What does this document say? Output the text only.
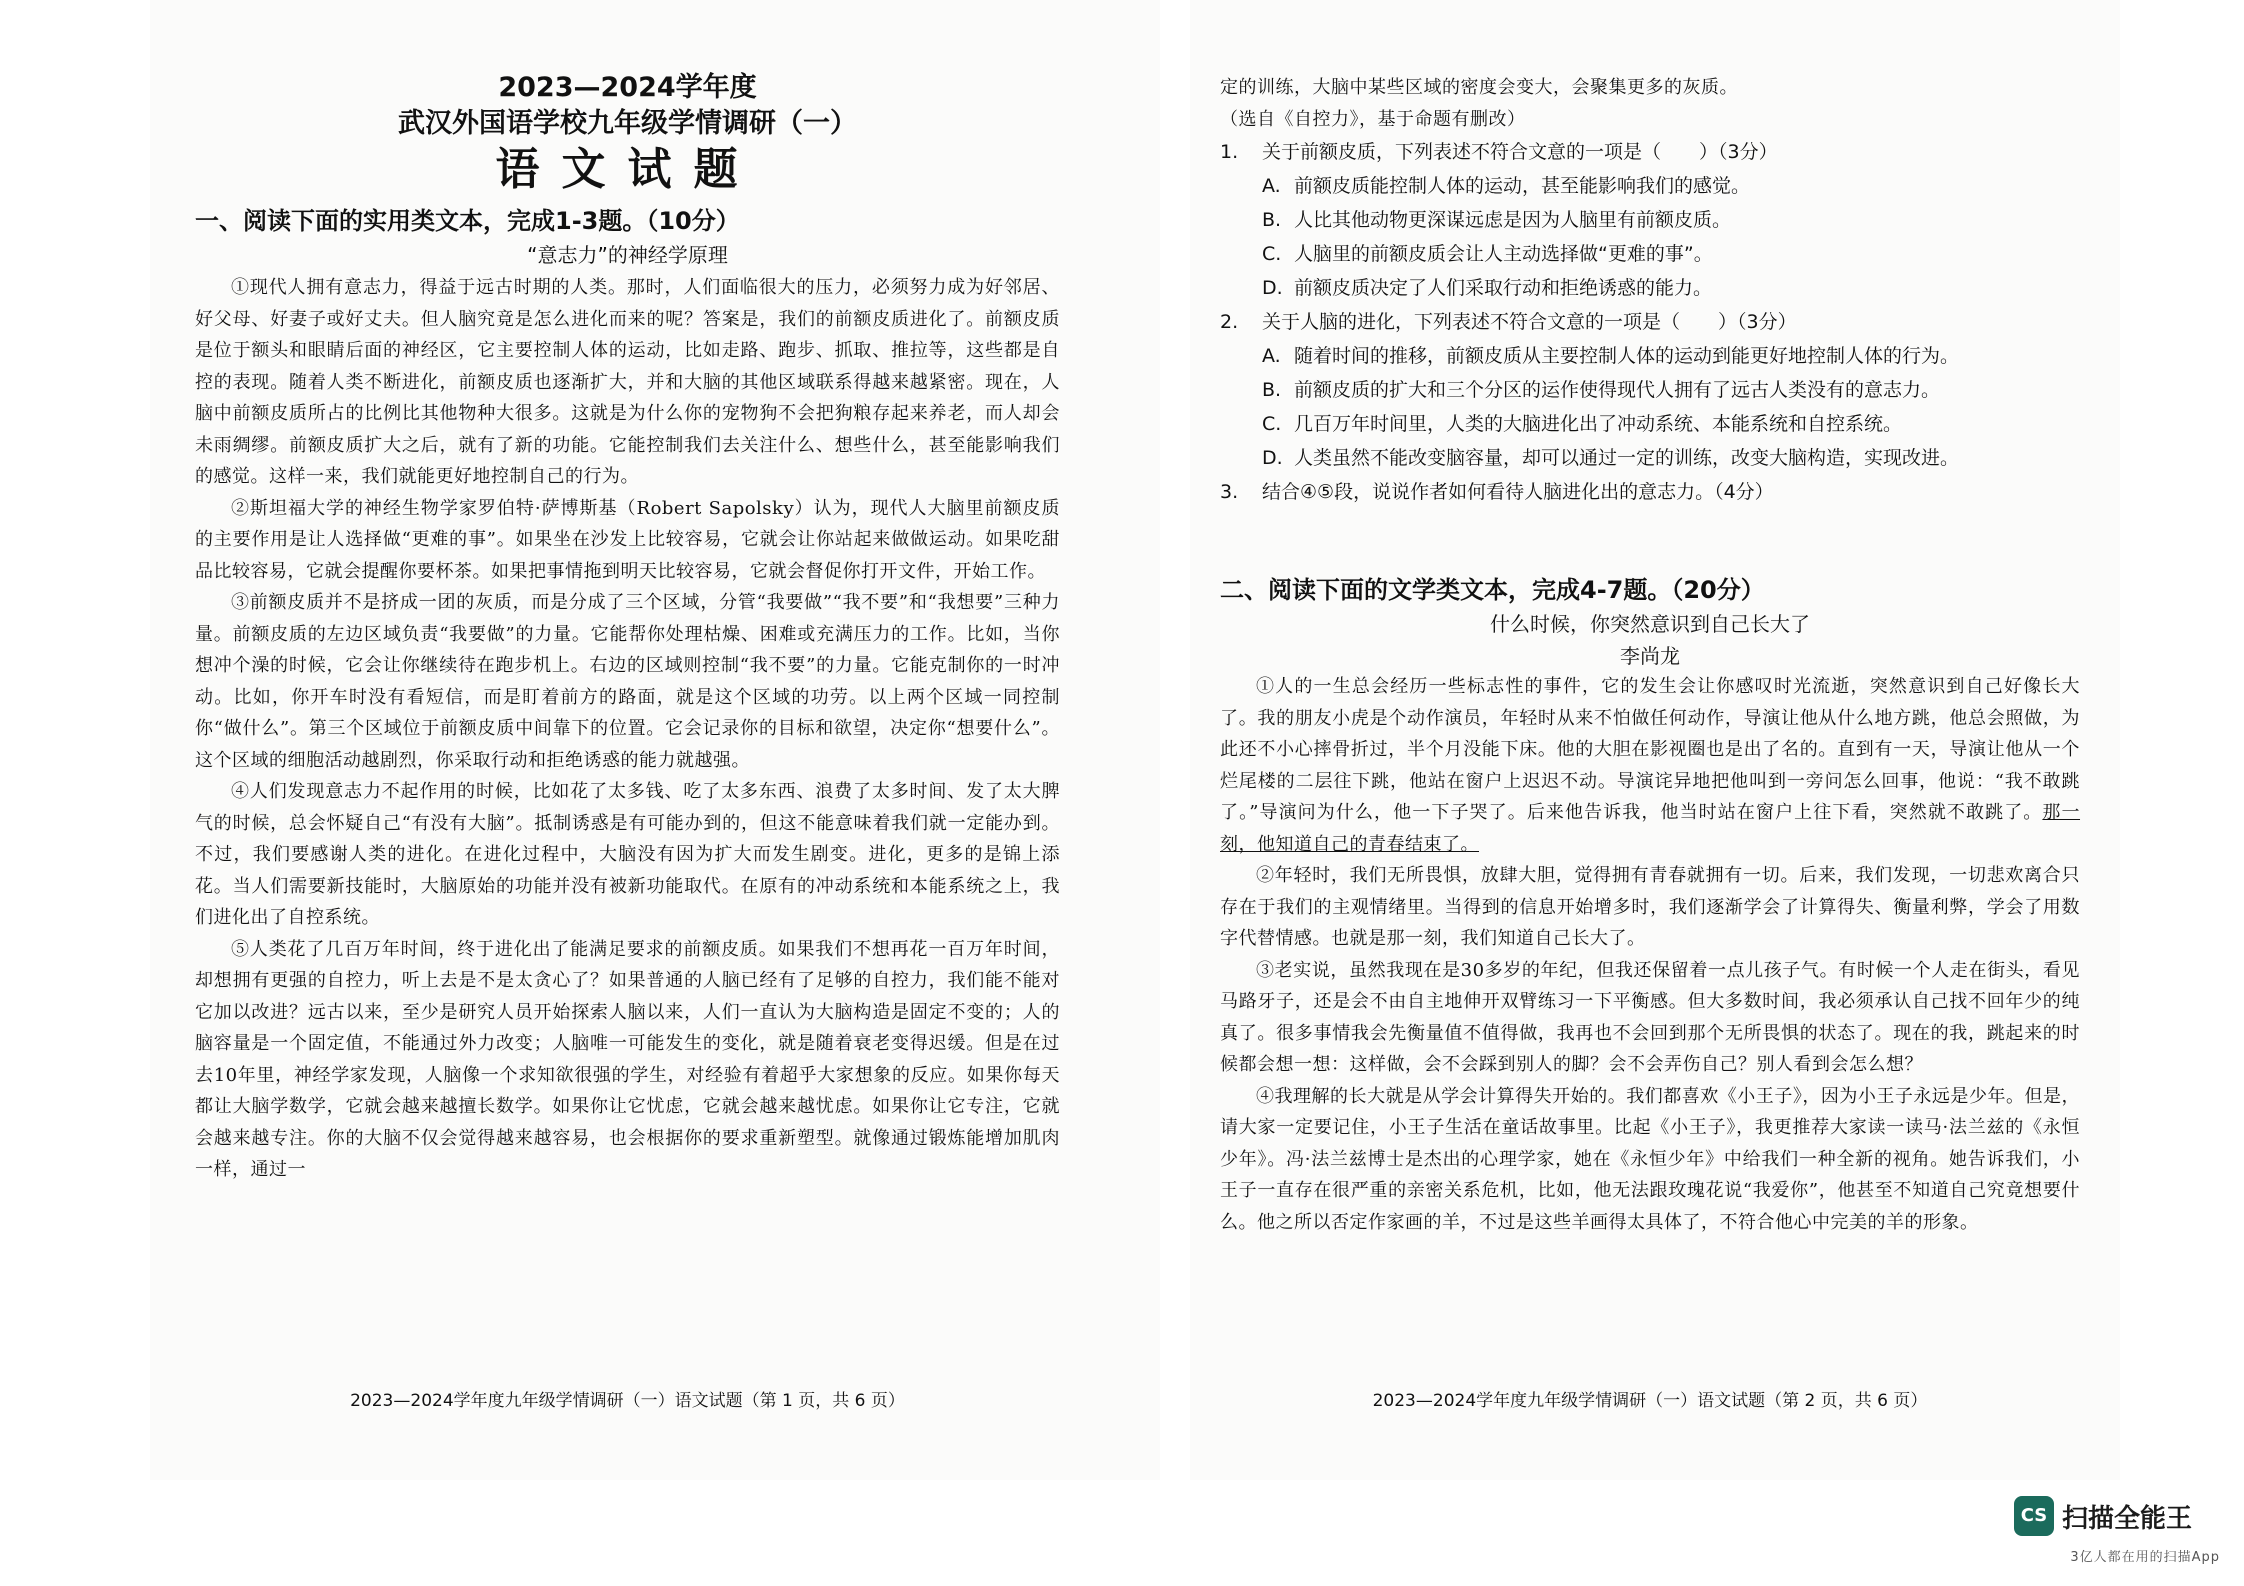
2023—2024学年度

武汉外国语学校九年级学情调研（一）

语文试题

一、阅读下面的实用类文本，完成1-3题。（10分）

“意志力”的神经学原理

①现代人拥有意志力，得益于远古时期的人类。那时，人们面临很大的压力，必须努力成为好邻居、好父母、好妻子或好丈夫。但人脑究竟是怎么进化而来的呢？答案是，我们的前额皮质进化了。前额皮质是位于额头和眼睛后面的神经区，它主要控制人体的运动，比如走路、跑步、抓取、推拉等，这些都是自控的表现。随着人类不断进化，前额皮质也逐渐扩大，并和大脑的其他区域联系得越来越紧密。现在，人脑中前额皮质所占的比例比其他物种大很多。这就是为什么你的宠物狗不会把狗粮存起来养老，而人却会未雨绸缪。前额皮质扩大之后，就有了新的功能。它能控制我们去关注什么、想些什么，甚至能影响我们的感觉。这样一来，我们就能更好地控制自己的行为。

②斯坦福大学的神经生物学家罗伯特·萨博斯基（Robert Sapolsky）认为，现代人大脑里前额皮质的主要作用是让人选择做“更难的事”。如果坐在沙发上比较容易，它就会让你站起来做做运动。如果吃甜品比较容易，它就会提醒你要杯茶。如果把事情拖到明天比较容易，它就会督促你打开文件，开始工作。

③前额皮质并不是挤成一团的灰质，而是分成了三个区域，分管“我要做”“我不要”和“我想要”三种力量。前额皮质的左边区域负责“我要做”的力量。它能帮你处理枯燥、困难或充满压力的工作。比如，当你想冲个澡的时候，它会让你继续待在跑步机上。右边的区域则控制“我不要”的力量。它能克制你的一时冲动。比如，你开车时没有看短信，而是盯着前方的路面，就是这个区域的功劳。以上两个区域一同控制你“做什么”。第三个区域位于前额皮质中间靠下的位置。它会记录你的目标和欲望，决定你“想要什么”。这个区域的细胞活动越剧烈，你采取行动和拒绝诱惑的能力就越强。

④人们发现意志力不起作用的时候，比如花了太多钱、吃了太多东西、浪费了太多时间、发了太大脾气的时候，总会怀疑自己“有没有大脑”。抵制诱惑是有可能办到的，但这不能意味着我们就一定能办到。不过，我们要感谢人类的进化。在进化过程中，大脑没有因为扩大而发生剧变。进化，更多的是锦上添花。当人们需要新技能时，大脑原始的功能并没有被新功能取代。在原有的冲动系统和本能系统之上，我们进化出了自控系统。

⑤人类花了几百万年时间，终于进化出了能满足要求的前额皮质。如果我们不想再花一百万年时间，却想拥有更强的自控力，听上去是不是太贪心了？如果普通的人脑已经有了足够的自控力，我们能不能对它加以改进？远古以来，至少是研究人员开始探索人脑以来，人们一直认为大脑构造是固定不变的；人的脑容量是一个固定值，不能通过外力改变；人脑唯一可能发生的变化，就是随着衰老变得迟缓。但是在过去10年里，神经学家发现，人脑像一个求知欲很强的学生，对经验有着超乎大家想象的反应。如果你每天都让大脑学数学，它就会越来越擅长数学。如果你让它忧虑，它就会越来越忧虑。如果你让它专注，它就会越来越专注。你的大脑不仅会觉得越来越容易，也会根据你的要求重新塑型。就像通过锻炼能增加肌肉一样，通过一

2023—2024学年度九年级学情调研（一）语文试题（第 1 页，共 6 页）

定的训练，大脑中某些区域的密度会变大，会聚集更多的灰质。

（选自《自控力》，基于命题有删改）

1. 关于前额皮质，下列表述不符合文意的一项是（　　）（3分）

A. 前额皮质能控制人体的运动，甚至能影响我们的感觉。

B. 人比其他动物更深谋远虑是因为人脑里有前额皮质。

C. 人脑里的前额皮质会让人主动选择做“更难的事”。

D. 前额皮质决定了人们采取行动和拒绝诱惑的能力。

2. 关于人脑的进化，下列表述不符合文意的一项是（　　）（3分）

A. 随着时间的推移，前额皮质从主要控制人体的运动到能更好地控制人体的行为。

B. 前额皮质的扩大和三个分区的运作使得现代人拥有了远古人类没有的意志力。

C. 几百万年时间里，人类的大脑进化出了冲动系统、本能系统和自控系统。

D. 人类虽然不能改变脑容量，却可以通过一定的训练，改变大脑构造，实现改进。

3. 结合④⑤段，说说作者如何看待人脑进化出的意志力。（4分）

二、阅读下面的文学类文本，完成4-7题。（20分）

什么时候，你突然意识到自己长大了

李尚龙

①人的一生总会经历一些标志性的事件，它的发生会让你感叹时光流逝，突然意识到自己好像长大了。我的朋友小虎是个动作演员，年轻时从来不怕做任何动作，导演让他从什么地方跳，他总会照做，为此还不小心摔骨折过，半个月没能下床。他的大胆在影视圈也是出了名的。直到有一天，导演让他从一个烂尾楼的二层往下跳，他站在窗户上迟迟不动。导演诧异地把他叫到一旁问怎么回事，他说：“我不敢跳了。”导演问为什么，他一下子哭了。后来他告诉我，他当时站在窗户上往下看，突然就不敢跳了。那一刻，他知道自己的青春结束了。

②年轻时，我们无所畏惧，放肆大胆，觉得拥有青春就拥有一切。后来，我们发现，一切悲欢离合只存在于我们的主观情绪里。当得到的信息开始增多时，我们逐渐学会了计算得失、衡量利弊，学会了用数字代替情感。也就是那一刻，我们知道自己长大了。

③老实说，虽然我现在是30多岁的年纪，但我还保留着一点儿孩子气。有时候一个人走在街头，看见马路牙子，还是会不由自主地伸开双臂练习一下平衡感。但大多数时间，我必须承认自己找不回年少的纯真了。很多事情我会先衡量值不值得做，我再也不会回到那个无所畏惧的状态了。现在的我，跳起来的时候都会想一想：这样做，会不会踩到别人的脚？会不会弄伤自己？别人看到会怎么想？

④我理解的长大就是从学会计算得失开始的。我们都喜欢《小王子》，因为小王子永远是少年。但是，请大家一定要记住，小王子生活在童话故事里。比起《小王子》，我更推荐大家读一读马·法兰兹的《永恒少年》。冯·法兰兹博士是杰出的心理学家，她在《永恒少年》中给我们一种全新的视角。她告诉我们，小王子一直存在很严重的亲密关系危机，比如，他无法跟玫瑰花说“我爱你”，他甚至不知道自己究竟想要什么。他之所以否定作家画的羊，不过是这些羊画得太具体了，不符合他心中完美的羊的形象。

2023—2024学年度九年级学情调研（一）语文试题（第 2 页，共 6 页）
CS 扫描全能王
3亿人都在用的扫描App
